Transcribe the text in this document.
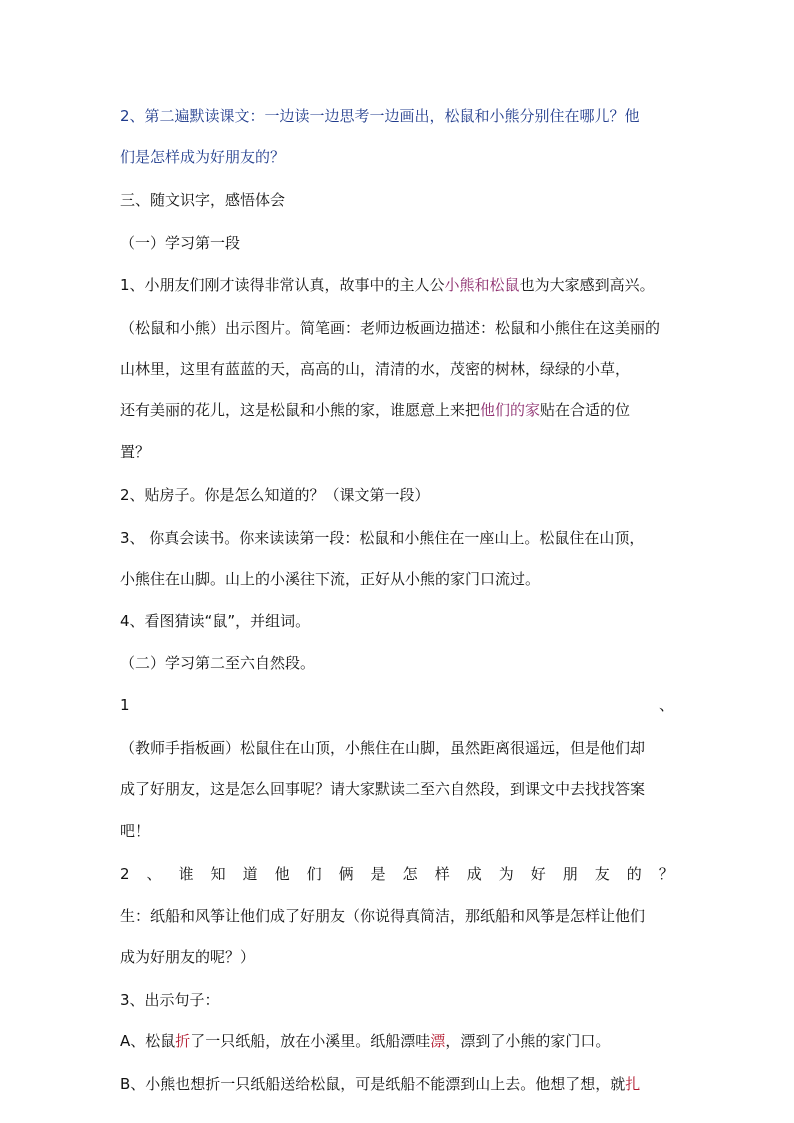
2、第二遍默读课文：一边读一边思考一边画出，松鼠和小熊分别住在哪儿？他
们是怎样成为好朋友的？
三、随文识字，感悟体会
（一）学习第一段
1、小朋友们刚才读得非常认真，故事中的主人公小熊和松鼠也为大家感到高兴。
（松鼠和小熊）出示图片。简笔画：老师边板画边描述：松鼠和小熊住在这美丽的
山林里，这里有蓝蓝的天，高高的山，清清的水，茂密的树林，绿绿的小草，
还有美丽的花儿，这是松鼠和小熊的家，谁愿意上来把他们的家贴在合适的位
置？
2、贴房子。你是怎么知道的？（课文第一段）
3、 你真会读书。你来读读第一段：松鼠和小熊住在一座山上。松鼠住在山顶，
小熊住在山脚。山上的小溪往下流，正好从小熊的家门口流过。
4、看图猜读“鼠”，并组词。
（二）学习第二至六自然段。
1	、
（教师手指板画）松鼠住在山顶，小熊住在山脚，虽然距离很遥远，但是他们却
成了好朋友，这是怎么回事呢？请大家默读二至六自然段，到课文中去找找答案
吧！
2 、 谁 知 道 他 们 俩 是 怎 样 成 为 好 朋 友 的 ？
生：纸船和风筝让他们成了好朋友（你说得真简洁，那纸船和风筝是怎样让他们
成为好朋友的呢？）
3、出示句子：
A、松鼠折了一只纸船，放在小溪里。纸船漂哇漂，漂到了小熊的家门口。
B、小熊也想折一只纸船送给松鼠，可是纸船不能漂到山上去。他想了想，就扎
